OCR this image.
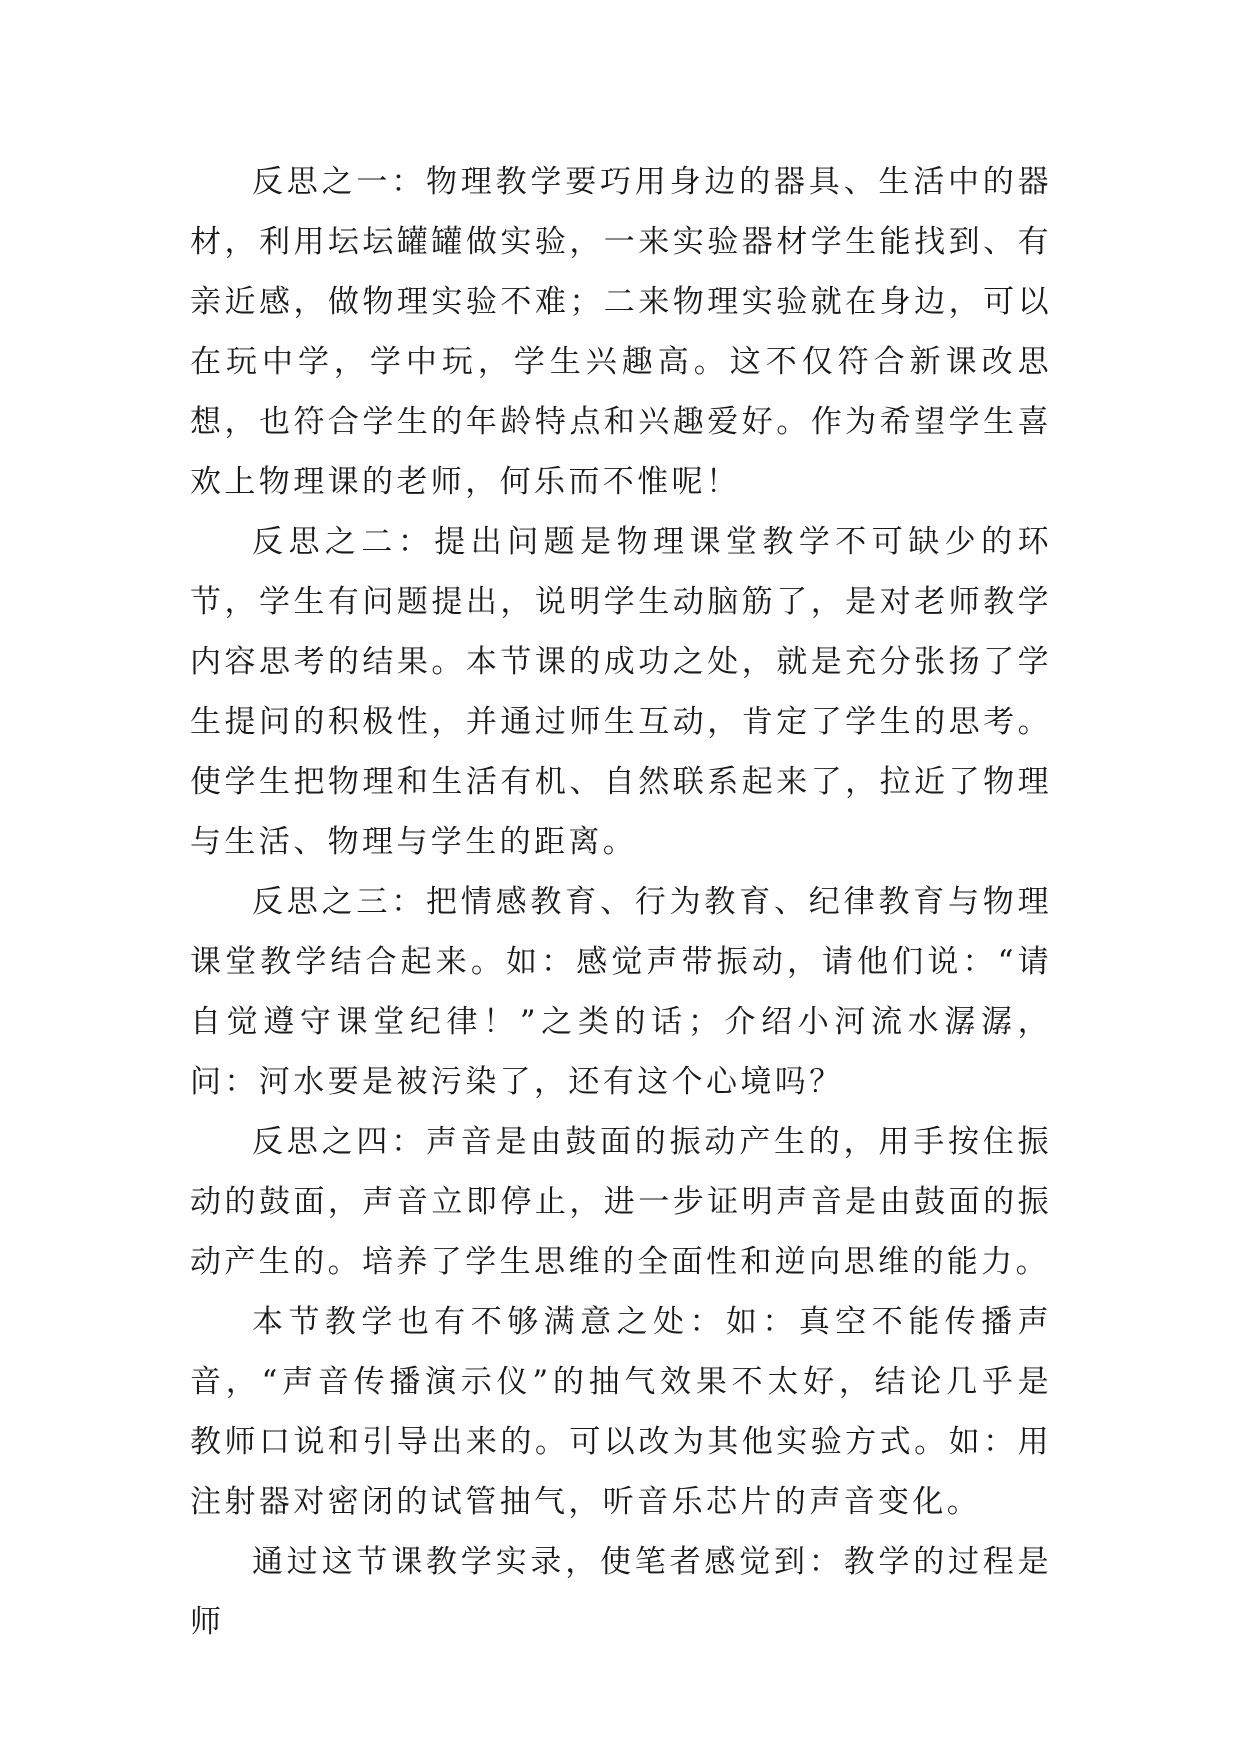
反思之一：物理教学要巧用身边的器具、生活中的器材，利用坛坛罐罐做实验，一来实验器材学生能找到、有亲近感，做物理实验不难；二来物理实验就在身边，可以在玩中学，学中玩，学生兴趣高。这不仅符合新课改思想，也符合学生的年龄特点和兴趣爱好。作为希望学生喜欢上物理课的老师，何乐而不惟呢！

反思之二：提出问题是物理课堂教学不可缺少的环节，学生有问题提出，说明学生动脑筋了，是对老师教学内容思考的结果。本节课的成功之处，就是充分张扬了学生提问的积极性，并通过师生互动，肯定了学生的思考。使学生把物理和生活有机、自然联系起来了，拉近了物理与生活、物理与学生的距离。

反思之三：把情感教育、行为教育、纪律教育与物理课堂教学结合起来。如：感觉声带振动，请他们说：“请自觉遵守课堂纪律！”之类的话；介绍小河流水潺潺，问：河水要是被污染了，还有这个心境吗？

反思之四：声音是由鼓面的振动产生的，用手按住振动的鼓面，声音立即停止，进一步证明声音是由鼓面的振动产生的。培养了学生思维的全面性和逆向思维的能力。

本节教学也有不够满意之处：如：真空不能传播声音，“声音传播演示仪”的抽气效果不太好，结论几乎是教师口说和引导出来的。可以改为其他实验方式。如：用注射器对密闭的试管抽气，听音乐芯片的声音变化。

通过这节课教学实录，使笔者感觉到：教学的过程是师
